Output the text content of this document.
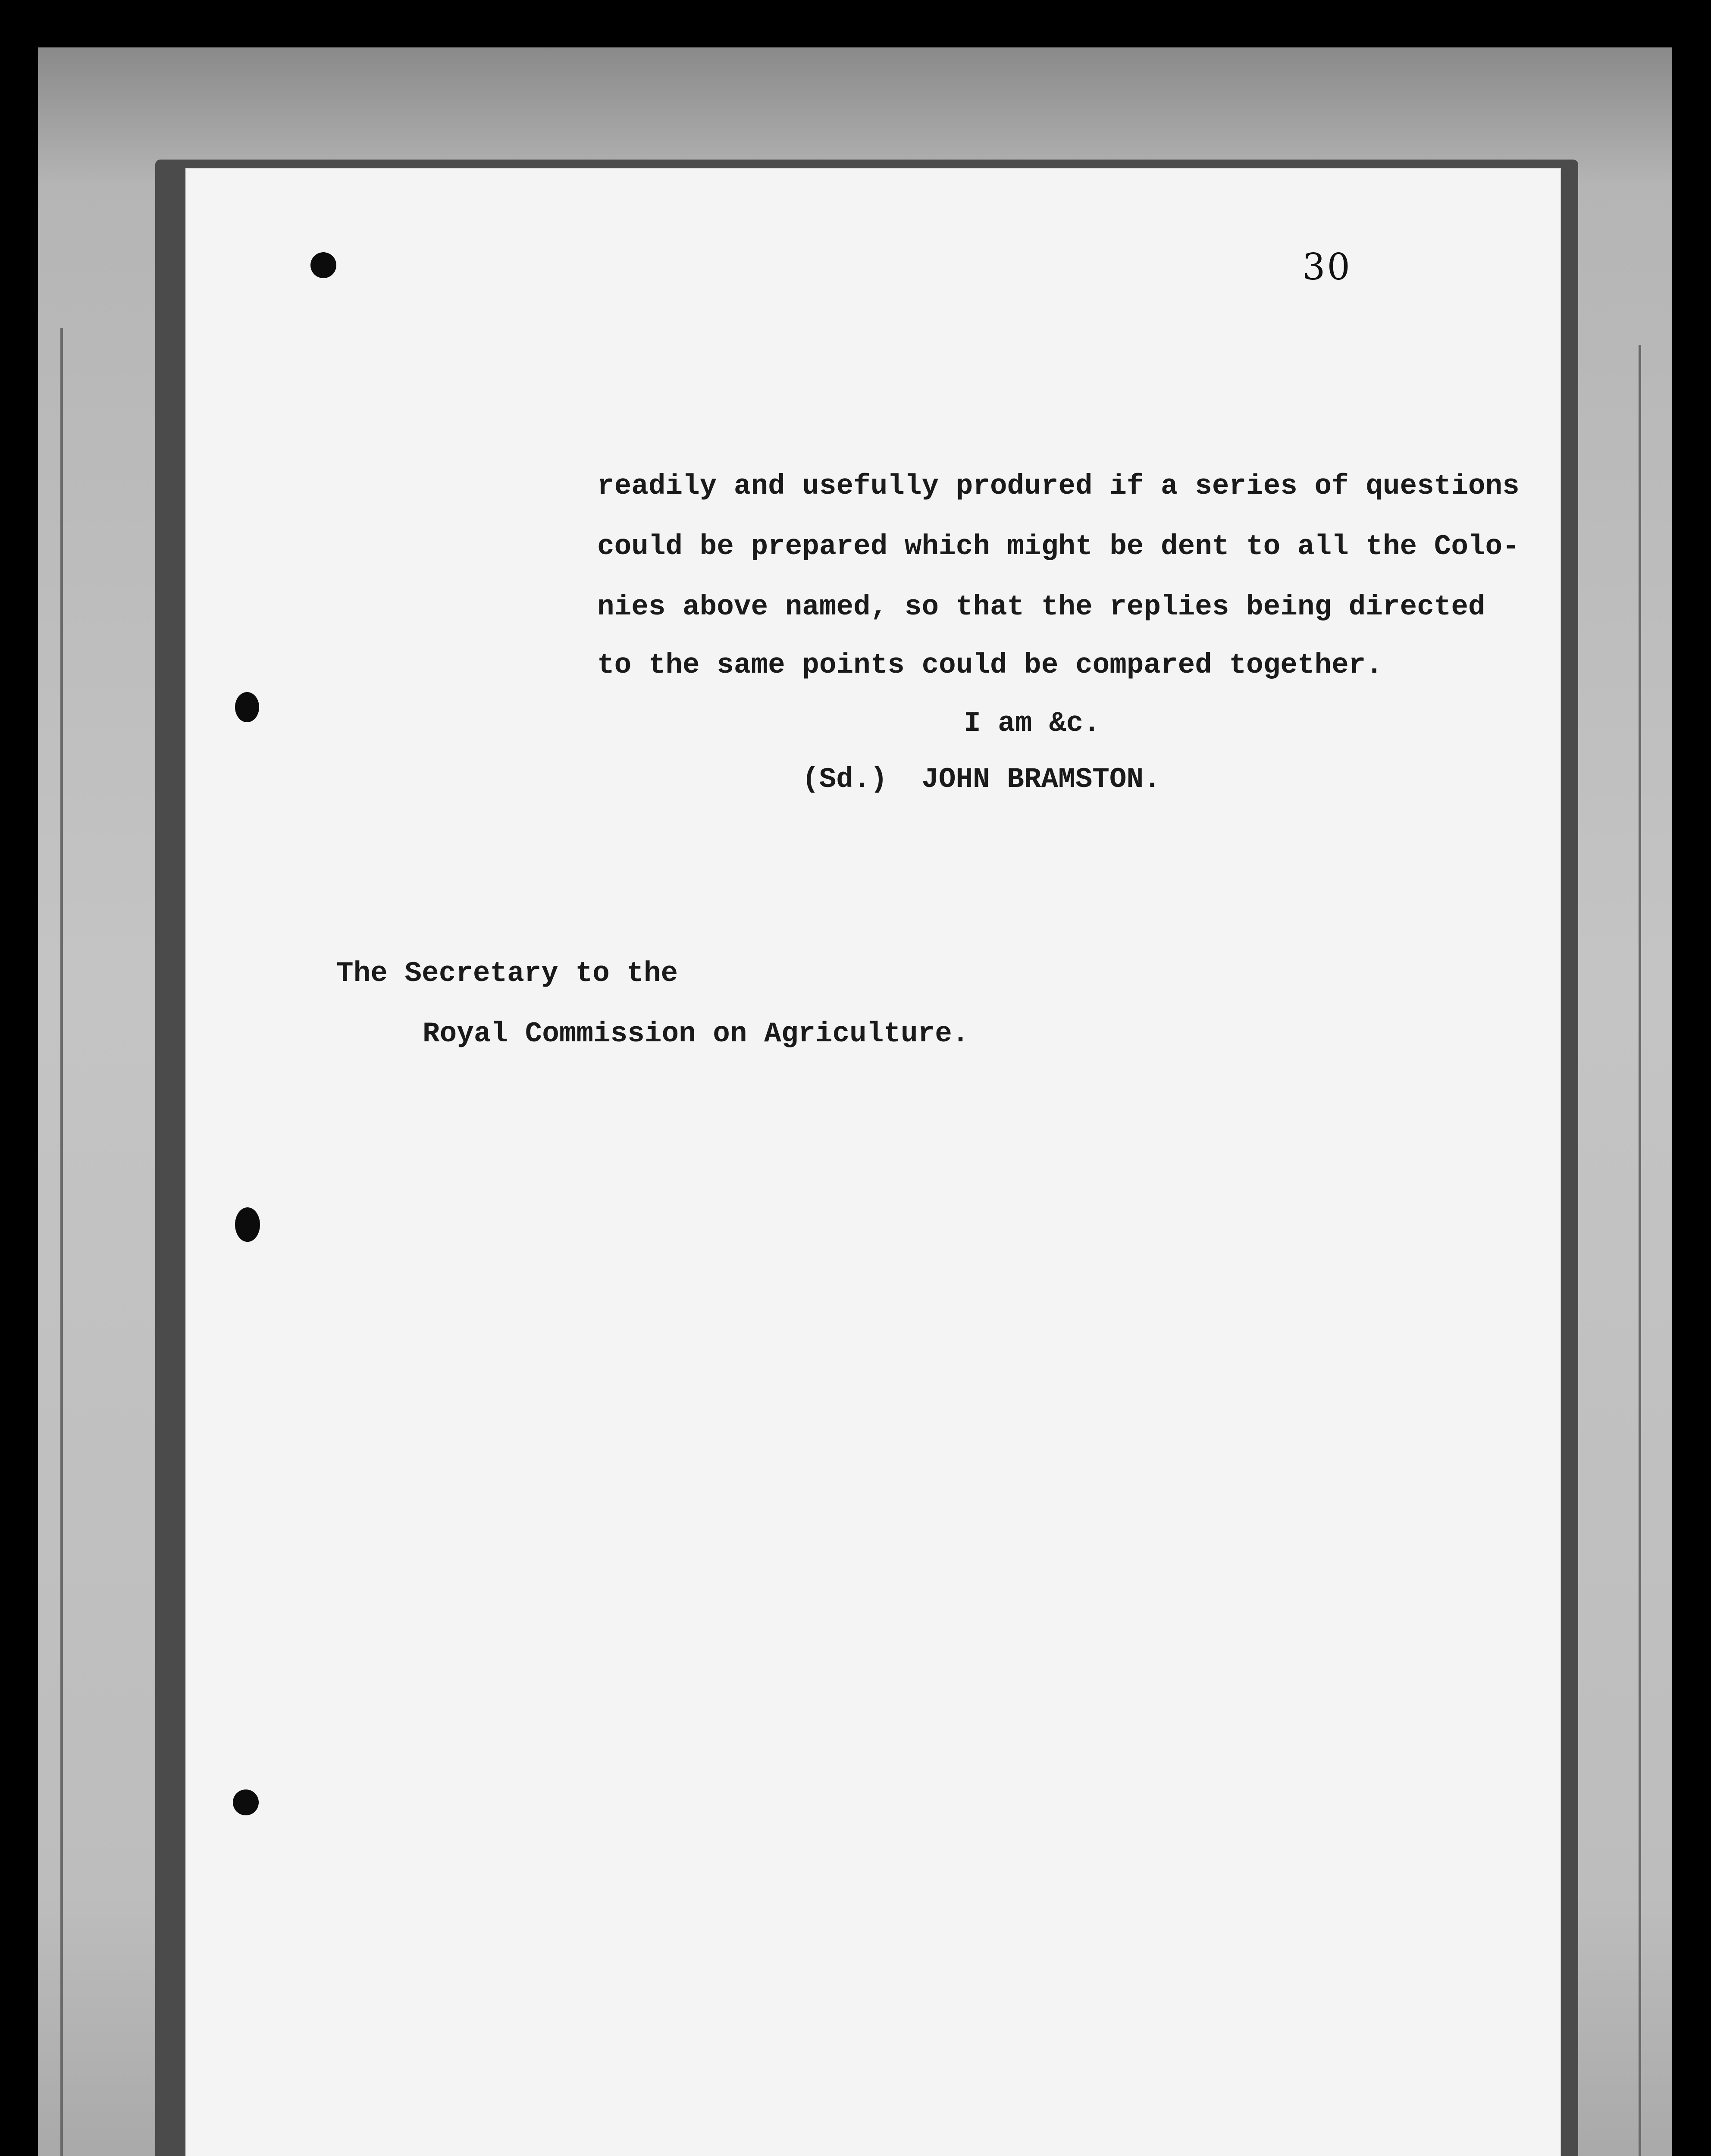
30
readily and usefully produred if a series of questions
could be prepared which might be dent to all the Colo-
nies above named, so that the replies being directed
to the same points could be compared together.
I am &c.
(Sd.)  JOHN BRAMSTON.
The Secretary to the
Royal Commission on Agriculture.
